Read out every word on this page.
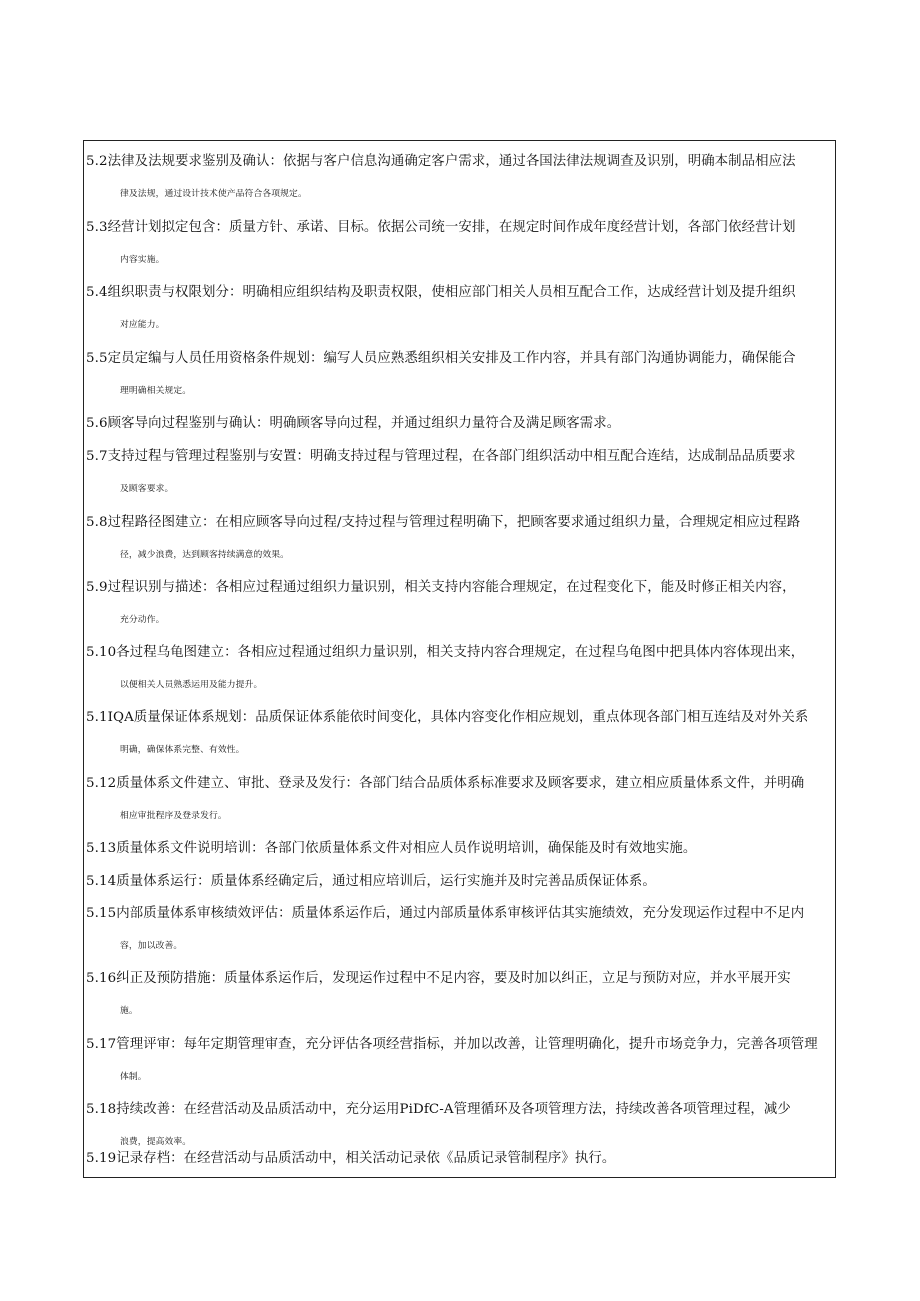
5.2法律及法规要求鉴别及确认：依据与客户信息沟通确定客户需求，通过各国法律法规调查及识别，明确本制品相应法
律及法规，通过设计技术使产品符合各项规定。
5.3经营计划拟定包含：质量方针、承诺、目标。依据公司统一安排，在规定时间作成年度经营计划，各部门依经营计划
内容实施。
5.4组织职责与权限划分：明确相应组织结构及职责权限，使相应部门相关人员相互配合工作，达成经营计划及提升组织
对应能力。
5.5定员定编与人员任用资格条件规划：编写人员应熟悉组织相关安排及工作内容，并具有部门沟通协调能力，确保能合
理明确相关规定。
5.6顾客导向过程鉴别与确认：明确顾客导向过程，并通过组织力量符合及满足顾客需求。
5.7支持过程与管理过程鉴别与安置：明确支持过程与管理过程，在各部门组织活动中相互配合连结，达成制品品质要求
及顾客要求。
5.8过程路径图建立：在相应顾客导向过程/支持过程与管理过程明确下，把顾客要求通过组织力量，合理规定相应过程路
径，减少浪费，达到顾客持续满意的效果。
5.9过程识别与描述：各相应过程通过组织力量识别，相关支持内容能合理规定，在过程变化下，能及时修正相关内容，
充分动作。
5.10各过程乌龟图建立：各相应过程通过组织力量识别，相关支持内容合理规定，在过程乌龟图中把具体内容体现出来，
以便相关人员熟悉运用及能力提升。
5.1IQA质量保证体系规划：品质保证体系能依时间变化，具体内容变化作相应规划，重点体现各部门相互连结及对外关系
明确，确保体系完整、有效性。
5.12质量体系文件建立、审批、登录及发行：各部门结合品质体系标准要求及顾客要求，建立相应质量体系文件，并明确
相应审批程序及登录发行。
5.13质量体系文件说明培训：各部门依质量体系文件对相应人员作说明培训，确保能及时有效地实施。
5.14质量体系运行：质量体系经确定后，通过相应培训后，运行实施并及时完善品质保证体系。
5.15内部质量体系审核绩效评估：质量体系运作后，通过内部质量体系审核评估其实施绩效，充分发现运作过程中不足内
容，加以改善。
5.16纠正及预防措施：质量体系运作后，发现运作过程中不足内容，要及时加以纠正，立足与预防对应，并水平展开实
施。
5.17管理评审：每年定期管理审查，充分评估各项经营指标，并加以改善，让管理明确化，提升市场竞争力，完善各项管理
体制。
5.18持续改善：在经营活动及品质活动中，充分运用PiDfC-A管理循环及各项管理方法，持续改善各项管理过程，减少
浪费，提高效率。
5.19记录存档：在经营活动与品质活动中，相关活动记录依《品质记录管制程序》执行。
